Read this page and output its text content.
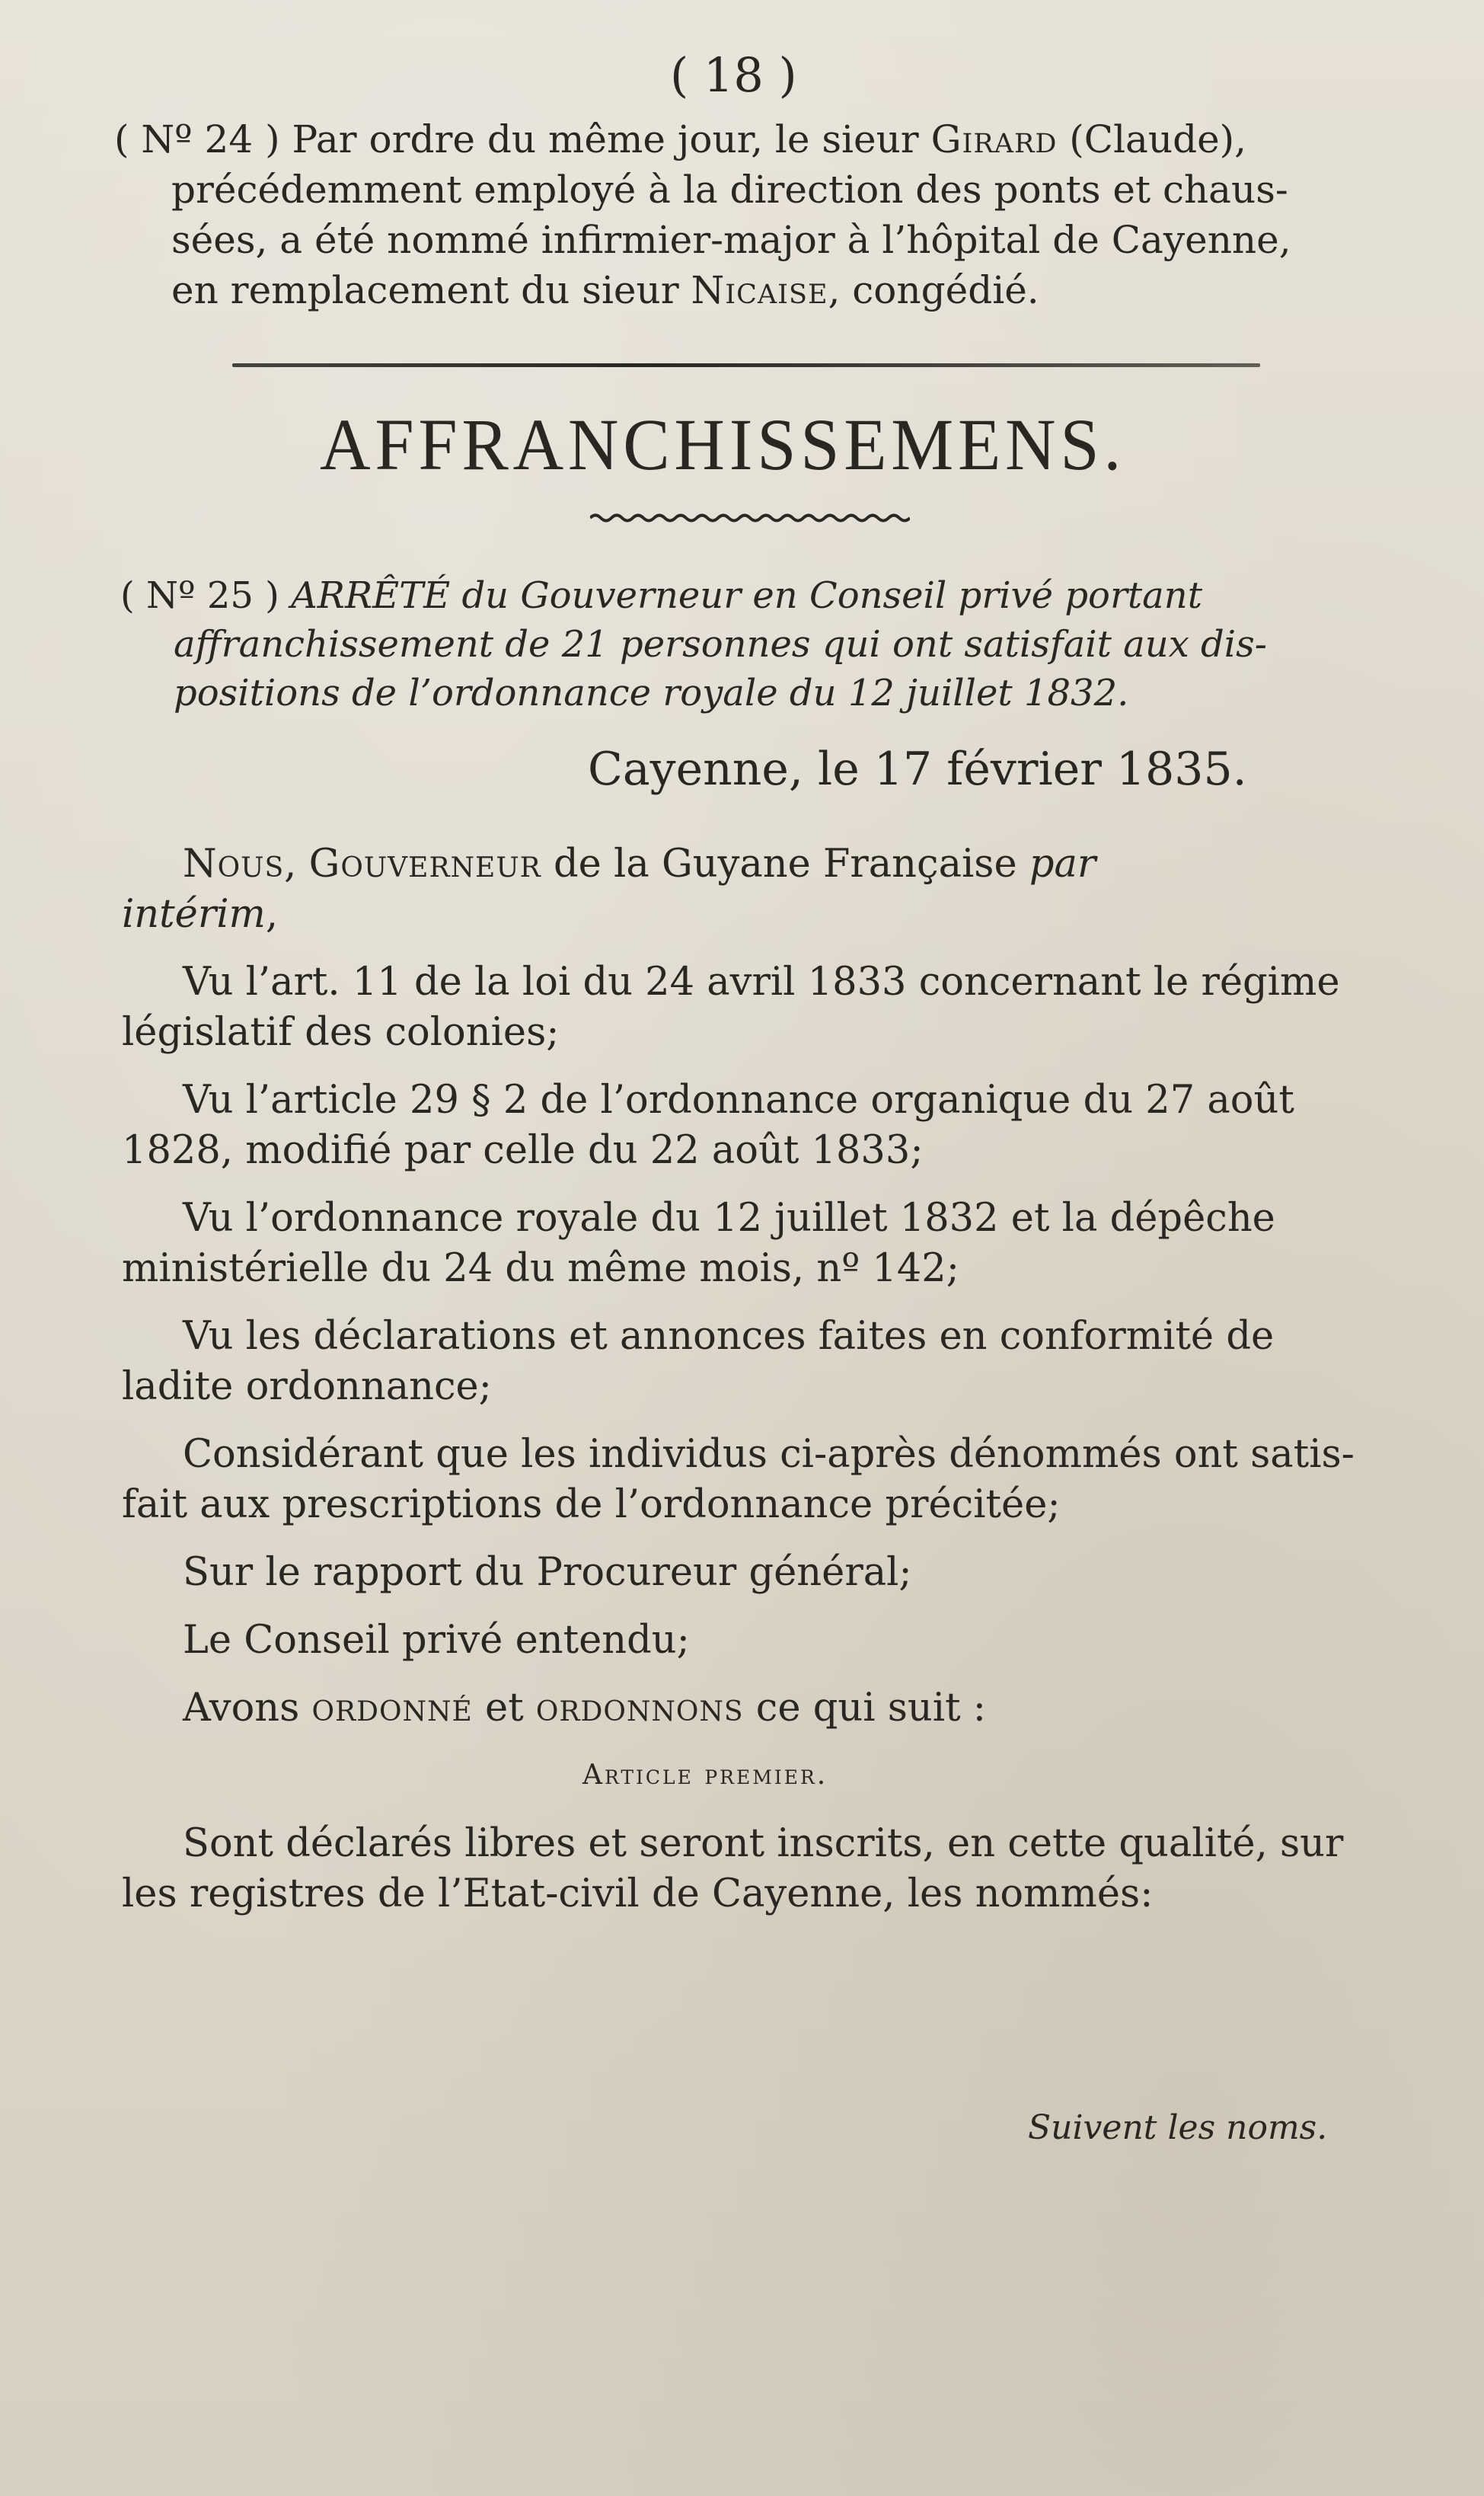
( 18 )
( Nº 24 ) Par ordre du même jour, le sieur Girard (Claude),
précédemment employé à la direction des ponts et chaus-
sées, a été nommé infirmier-major à l’hôpital de Cayenne,
en remplacement du sieur Nicaise, congédié.
AFFRANCHISSEMENS.
( Nº 25 ) ARRÊTÉ du Gouverneur en Conseil privé portant
affranchissement de 21 personnes qui ont satisfait aux dis-
positions de l’ordonnance royale du 12 juillet 1832.
Cayenne, le 17 février 1835.
Nous, Gouverneur de la Guyane Française par
intérim,
Vu l’art. 11 de la loi du 24 avril 1833 concernant le régime
législatif des colonies;
Vu l’article 29 § 2 de l’ordonnance organique du 27 août
1828, modifié par celle du 22 août 1833;
Vu l’ordonnance royale du 12 juillet 1832 et la dépêche
ministérielle du 24 du même mois, nº 142;
Vu les déclarations et annonces faites en conformité de
ladite ordonnance;
Considérant que les individus ci-après dénommés ont satis-
fait aux prescriptions de l’ordonnance précitée;
Sur le rapport du Procureur général;
Le Conseil privé entendu;
Avons ordonné et ordonnons ce qui suit :
Article premier.
Sont déclarés libres et seront inscrits, en cette qualité, sur
les registres de l’Etat-civil de Cayenne, les nommés:
Suivent les noms.
